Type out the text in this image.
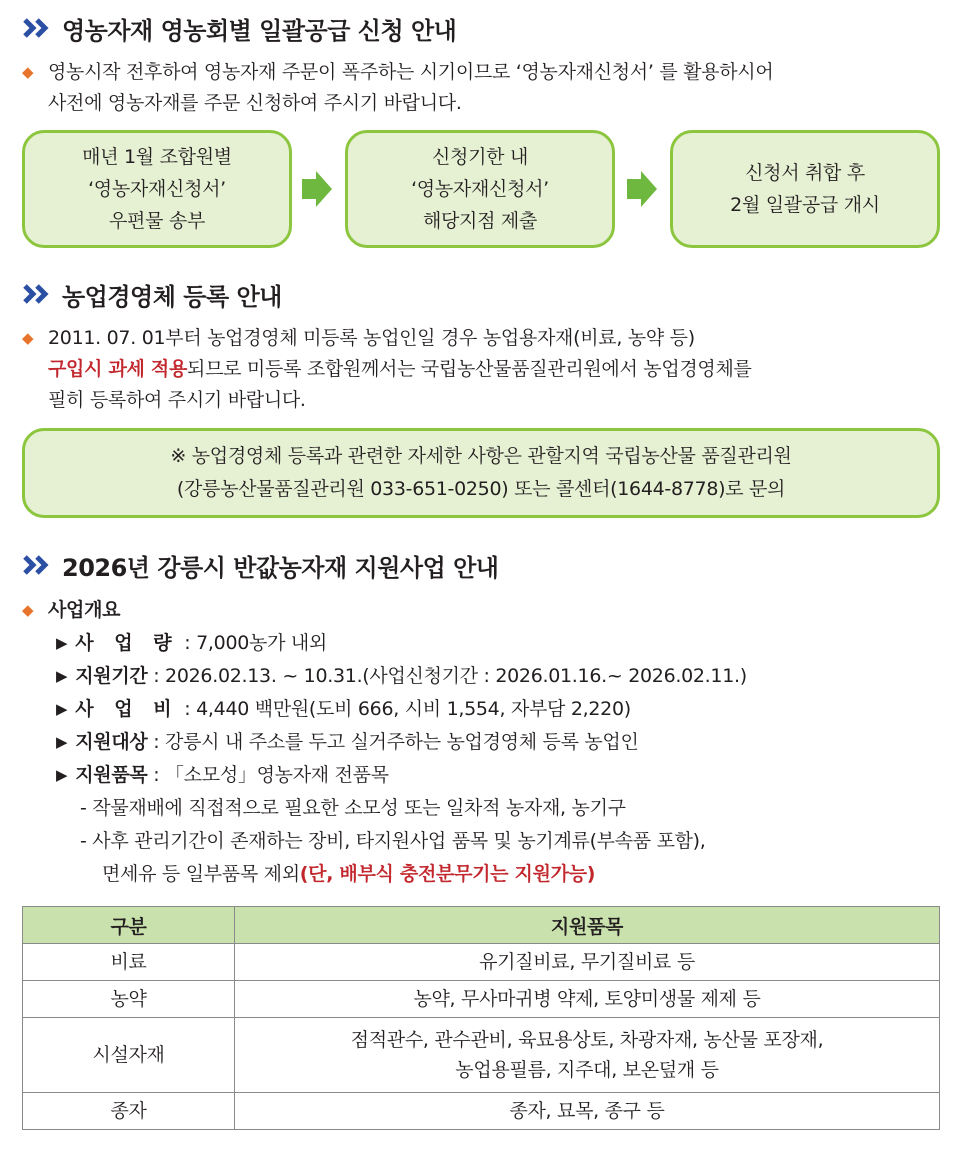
영농자재 영농회별 일괄공급 신청 안내
◆ 영농시작 전후하여 영농자재 주문이 폭주하는 시기이므로 ‘영농자재신청서’ 를 활용하시어
사전에 영농자재를 주문 신청하여 주시기 바랍니다.
매년 1월 조합원별
‘영농자재신청서’
우편물 송부
신청기한 내
‘영농자재신청서’
해당지점 제출
신청서 취합 후
2월 일괄공급 개시
농업경영체 등록 안내
◆ 2011. 07. 01부터 농업경영체 미등록 농업인일 경우 농업용자재(비료, 농약 등)
구입시 과세 적용되므로 미등록 조합원께서는 국립농산물품질관리원에서 농업경영체를
필히 등록하여 주시기 바랍니다.
※ 농업경영체 등록과 관련한 자세한 사항은 관할지역 국립농산물 품질관리원
(강릉농산물품질관리원 033-651-0250) 또는 콜센터(1644-8778)로 문의
2026년 강릉시 반값농자재 지원사업 안내
◆ 사업개요
▶ 사 업 량 : 7,000농가 내외
▶ 지원기간 : 2026.02.13. ~ 10.31.(사업신청기간 : 2026.01.16.~ 2026.02.11.)
▶ 사 업 비 : 4,440 백만원(도비 666, 시비 1,554, 자부담 2,220)
▶ 지원대상 : 강릉시 내 주소를 두고 실거주하는 농업경영체 등록 농업인
▶ 지원품목 : 「소모성」영농자재 전품목
- 작물재배에 직접적으로 필요한 소모성 또는 일차적 농자재, 농기구
- 사후 관리기간이 존재하는 장비, 타지원사업 품목 및 농기계류(부속품 포함),
면세유 등 일부품목 제외(단, 배부식 충전분무기는 지원가능)
구분	지원품목
비료	유기질비료, 무기질비료 등
농약	농약, 무사마귀병 약제, 토양미생물 제제 등
시설자재	점적관수, 관수관비, 육묘용상토, 차광자재, 농산물 포장재,
농업용필름, 지주대, 보온덮개 등

종자	종자, 묘목, 종구 등
